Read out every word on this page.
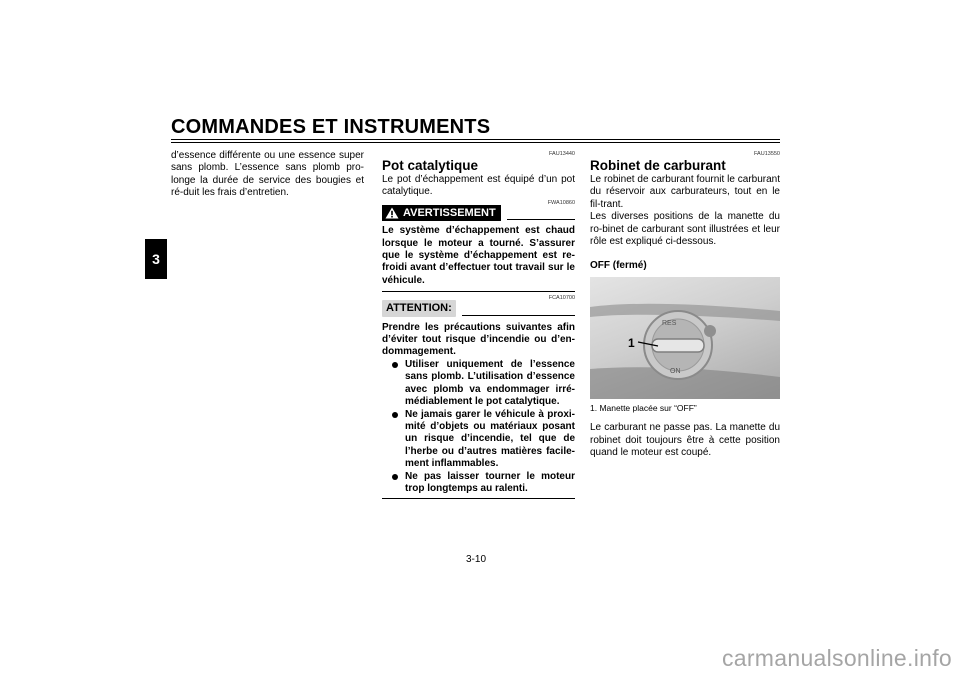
COMMANDES ET INSTRUMENTS
3

d’essence différente ou une essence super sans plomb. L’essence sans plomb pro-longe la durée de service des bougies et ré-duit les frais d’entretien.

FAU13440
Pot catalytique

Le pot d’échappement est équipé d’un pot catalytique.

FWA10860
AVERTISSEMENT

Le système d’échappement est chaud lorsque le moteur a tourné. S’assurer que le système d’échappement est re-froidi avant d’effectuer tout travail sur le véhicule.

FCA10700
ATTENTION:

Prendre les précautions suivantes afin d’éviter tout risque d’incendie ou d’en-dommagement.

Utiliser uniquement de l’essence sans plomb. L’utilisation d’essence avec plomb va endommager irré-médiablement le pot catalytique.
Ne jamais garer le véhicule à proxi-mité d’objets ou matériaux posant un risque d’incendie, tel que de l’herbe ou d’autres matières facile-ment inflammables.
Ne pas laisser tourner le moteur trop longtemps au ralenti.
FAU13550
Robinet de carburant

Le robinet de carburant fournit le carburant du réservoir aux carburateurs, tout en le fil-trant.

Les diverses positions de la manette du ro-binet de carburant sont illustrées et leur rôle est expliqué ci-dessous.

OFF (fermé)
RES
ON
1
1. Manette placée sur “OFF”

Le carburant ne passe pas. La manette du robinet doit toujours être à cette position quand le moteur est coupé.

3-10
carmanualsonline.info
